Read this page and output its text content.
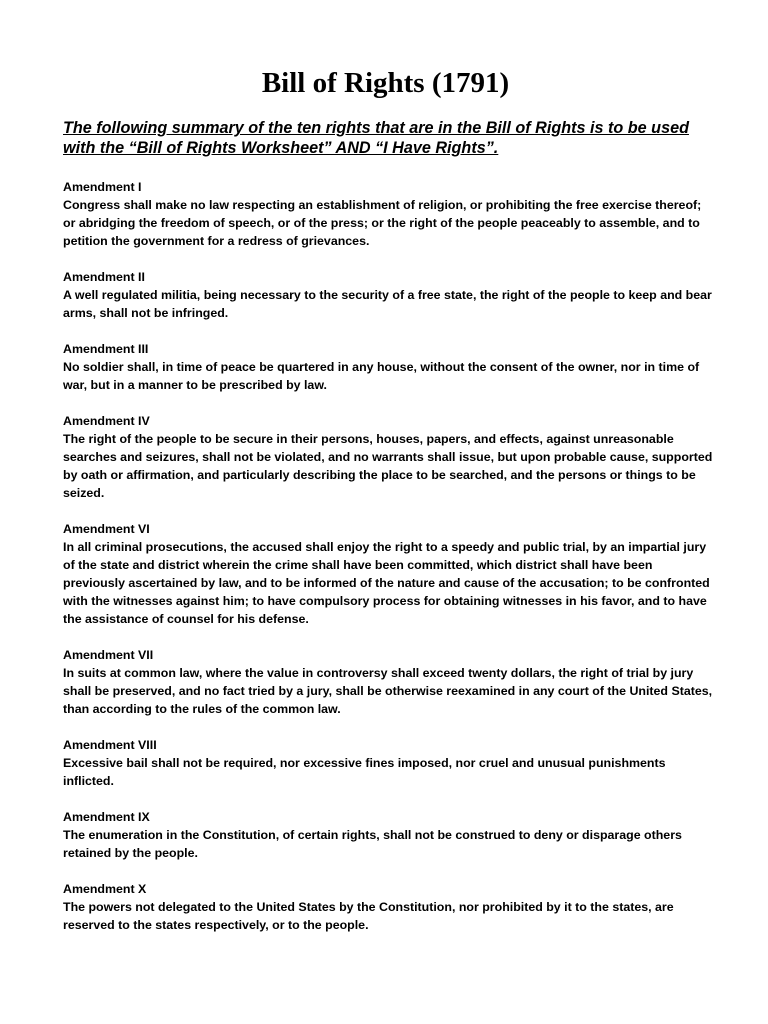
Bill of Rights (1791)
The following summary of the ten rights that are in the Bill of Rights is to be used with the “Bill of Rights Worksheet” AND “I Have Rights”.
Amendment I
Congress shall make no law respecting an establishment of religion, or prohibiting the free exercise thereof; or abridging the freedom of speech, or of the press; or the right of the people peaceably to assemble, and to petition the government for a redress of grievances.
Amendment II
A well regulated militia, being necessary to the security of a free state, the right of the people to keep and bear arms, shall not be infringed.
Amendment III
No soldier shall, in time of peace be quartered in any house, without the consent of the owner, nor in time of war, but in a manner to be prescribed by law.
Amendment IV
The right of the people to be secure in their persons, houses, papers, and effects, against unreasonable searches and seizures, shall not be violated, and no warrants shall issue, but upon probable cause, supported by oath or affirmation, and particularly describing the place to be searched, and the persons or things to be seized.
Amendment VI
In all criminal prosecutions, the accused shall enjoy the right to a speedy and public trial, by an impartial jury of the state and district wherein the crime shall have been committed, which district shall have been previously ascertained by law, and to be informed of the nature and cause of the accusation; to be confronted with the witnesses against him; to have compulsory process for obtaining witnesses in his favor, and to have the assistance of counsel for his defense.
Amendment VII
In suits at common law, where the value in controversy shall exceed twenty dollars, the right of trial by jury shall be preserved, and no fact tried by a jury, shall be otherwise reexamined in any court of the United States, than according to the rules of the common law.
Amendment VIII
Excessive bail shall not be required, nor excessive fines imposed, nor cruel and unusual punishments inflicted.
Amendment IX
The enumeration in the Constitution, of certain rights, shall not be construed to deny or disparage others retained by the people.
Amendment X
The powers not delegated to the United States by the Constitution, nor prohibited by it to the states, are reserved to the states respectively, or to the people.
